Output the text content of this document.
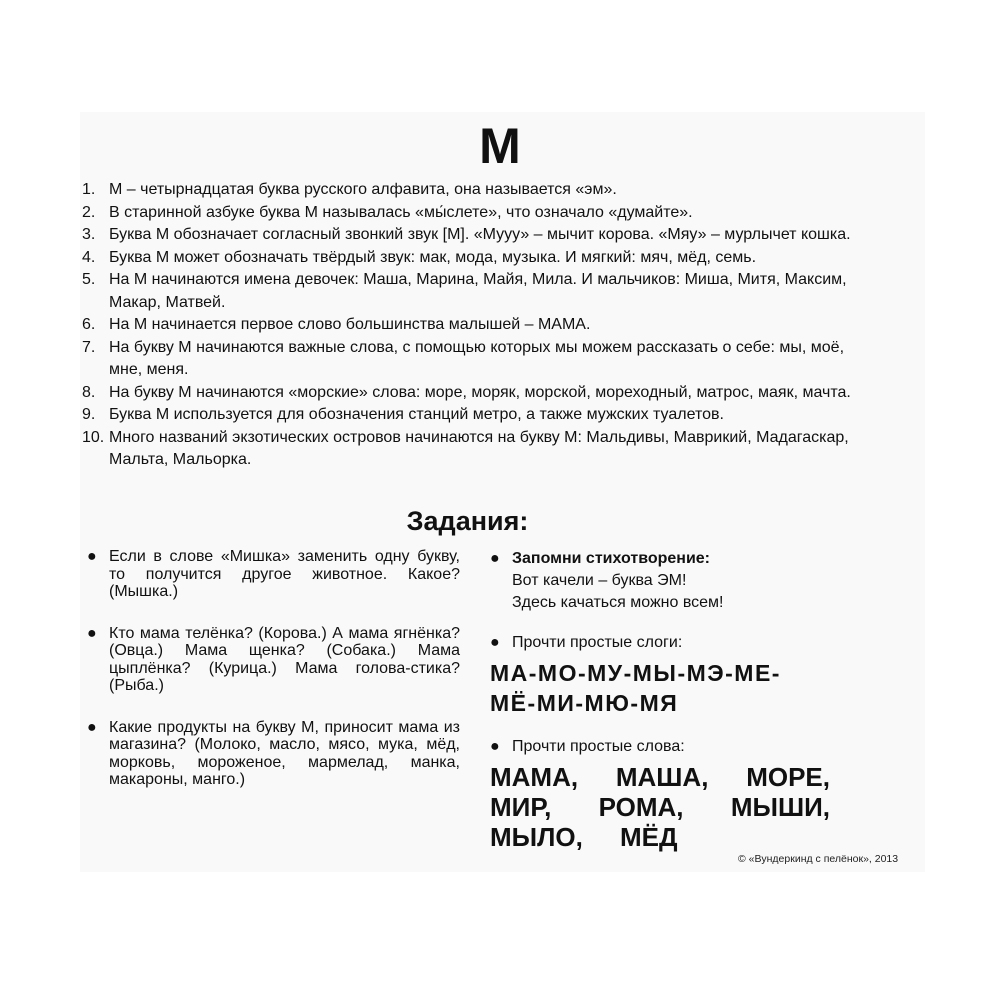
М
1. М – четырнадцатая буква русского алфавита, она называется «эм».
2. В старинной азбуке буква М называлась «мы́слете», что означало «думайте».
3. Буква М обозначает согласный звонкий звук [М]. «Мууу» – мычит корова. «Мяу» – мурлычет кошка.
4. Буква М может обозначать твёрдый звук: мак, мода, музыка. И мягкий: мяч, мёд, семь.
5. На М начинаются имена девочек: Маша, Марина, Майя, Мила. И мальчиков: Миша, Митя, Максим, Макар, Матвей.
6. На М начинается первое слово большинства малышей – МАМА.
7. На букву М начинаются важные слова, с помощью которых мы можем рассказать о себе: мы, моё, мне, меня.
8. На букву М начинаются «морские» слова: море, моряк, морской, мореходный, матрос, маяк, мачта.
9. Буква М используется для обозначения станций метро, а также мужских туалетов.
10. Много названий экзотических островов начинаются на букву М: Мальдивы, Маврикий, Мадагаскар, Мальта, Мальорка.
Задания:
● Если в слове «Мишка» заменить одну букву, то получится другое животное. Какое? (Мышка.)
● Кто мама телёнка? (Корова.) А мама ягнёнка? (Овца.) Мама щенка? (Собака.) Мама цыплёнка? (Курица.) Мама голова-стика? (Рыба.)
● Какие продукты на букву М, приносит мама из магазина? (Молоко, масло, мясо, мука, мёд, морковь, мороженое, мармелад, манка, макароны, манго.)
● Запомни стихотворение:
Вот качели – буква ЭМ!
Здесь качаться можно всем!
● Прочти простые слоги:
МА-МО-МУ-МЫ-МЭ-МЕ-
МЁ-МИ-МЮ-МЯ
● Прочти простые слова:
МАМА, МАША, МОРЕ,
МИР, РОМА, МЫШИ,
МЫЛО,	МЁД
© «Вундеркинд с пелёнок», 2013
